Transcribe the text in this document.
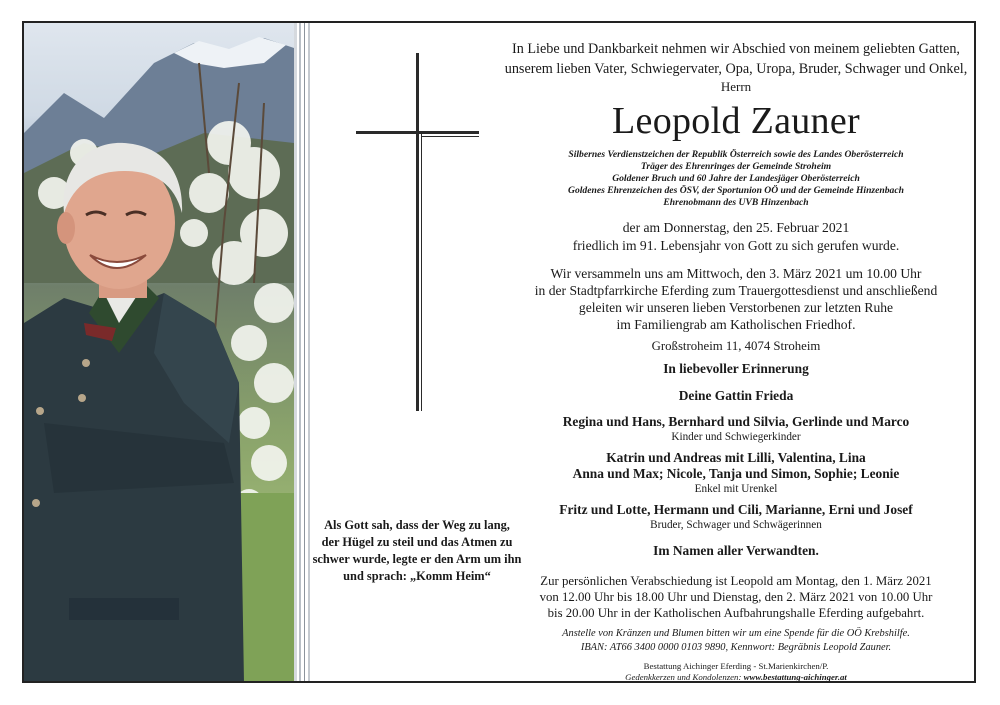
Als Gott sah, dass der Weg zu lang,
der Hügel zu steil und das Atmen zu
schwer wurde, legte er den Arm um ihn
und sprach: „Komm Heim“

In Liebe und Dankbarkeit nehmen wir Abschied von meinem geliebten Gatten,

unserem lieben Vater, Schwiegervater, Opa, Uropa, Bruder, Schwager und Onkel,

Herrn

Leopold Zauner

Silbernes Verdienstzeichen der Republik Österreich sowie des Landes Oberösterreich

Träger des Ehrenringes der Gemeinde Stroheim

Goldener Bruch und 60 Jahre der Landesjäger Oberösterreich

Goldenes Ehrenzeichen des ÖSV, der Sportunion OÖ und der Gemeinde Hinzenbach

Ehrenobmann des UVB Hinzenbach

der am Donnerstag, den 25. Februar 2021

friedlich im 91. Lebensjahr von Gott zu sich gerufen wurde.

Wir versammeln uns am Mittwoch, den 3. März 2021 um 10.00 Uhr

in der Stadtpfarrkirche Eferding zum Trauergottesdienst und anschließend

geleiten wir unseren lieben Verstorbenen zur letzten Ruhe

im Familiengrab am Katholischen Friedhof.

Großstroheim 11, 4074 Stroheim

In liebevoller Erinnerung

Deine Gattin Frieda

Regina und Hans, Bernhard und Silvia, Gerlinde und Marco

Kinder und Schwiegerkinder

Katrin und Andreas mit Lilli, Valentina, Lina

Anna und Max; Nicole, Tanja und Simon, Sophie; Leonie

Enkel mit Urenkel

Fritz und Lotte, Hermann und Cili, Marianne, Erni und Josef

Bruder, Schwager und Schwägerinnen

Im Namen aller Verwandten.

Zur persönlichen Verabschiedung ist Leopold am Montag, den 1. März 2021

von 12.00 Uhr bis 18.00 Uhr und Dienstag, den 2. März 2021 von 10.00 Uhr

bis 20.00 Uhr in der Katholischen Aufbahrungshalle Eferding aufgebahrt.

Anstelle von Kränzen und Blumen bitten wir um eine Spende für die OÖ Krebshilfe.

IBAN: AT66 3400 0000 0103 9890, Kennwort: Begräbnis Leopold Zauner.

Bestattung Aichinger Eferding - St.Marienkirchen/P.

Gedenkkerzen und Kondolenzen: www.bestattung-aichinger.at
